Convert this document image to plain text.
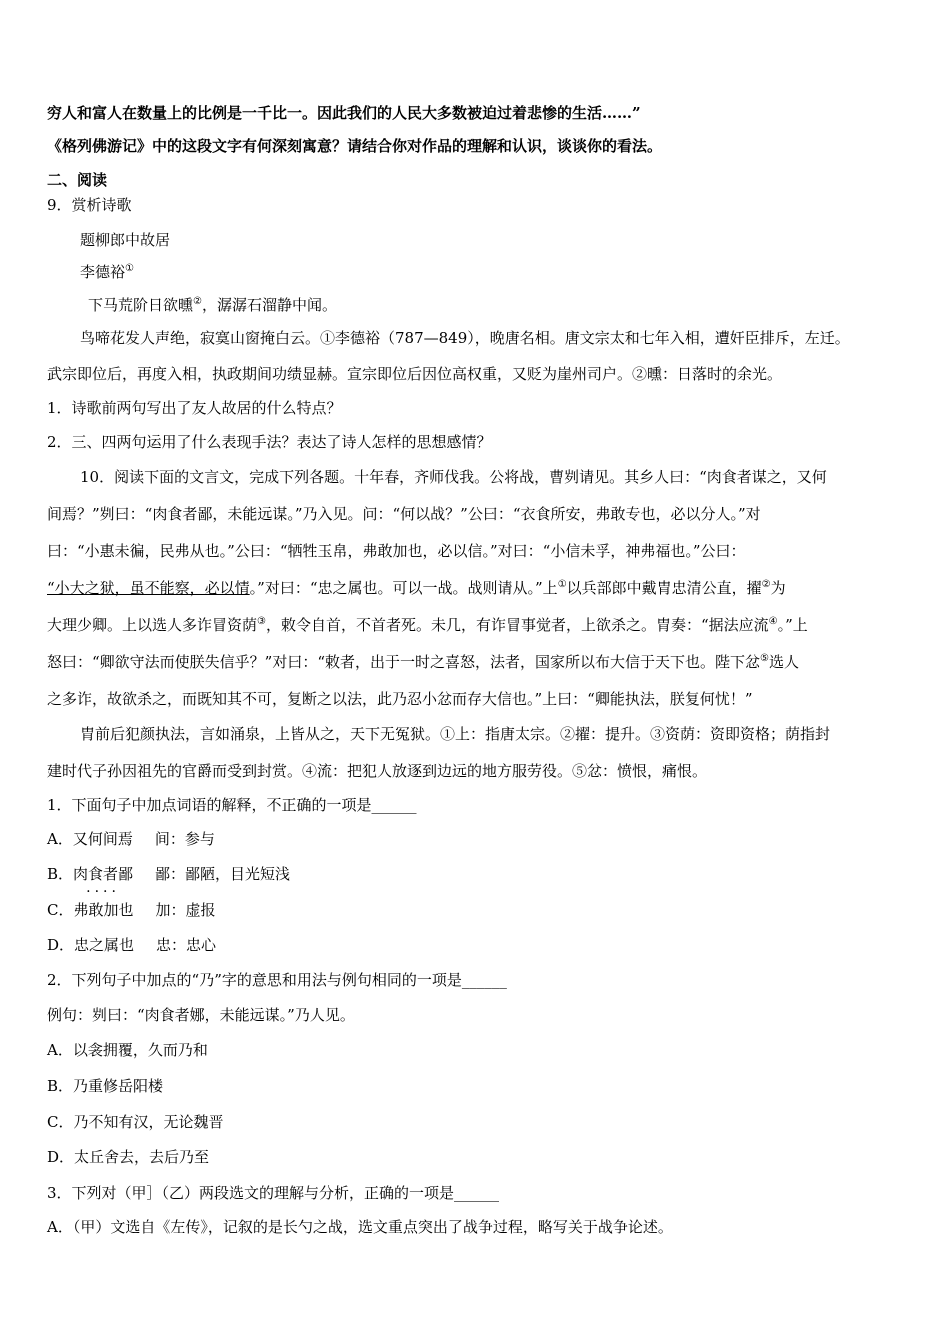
穷人和富人在数量上的比例是一千比一。因此我们的人民大多数被迫过着悲惨的生活……”
《格列佛游记》中的这段文字有何深刻寓意？请结合你对作品的理解和认识，谈谈你的看法。
二、阅读
9．赏析诗歌
题柳郎中故居
李德裕①
下马荒阶日欲曛②，潺潺石溜静中闻。
鸟啼花发人声绝，寂寞山窗掩白云。①李德裕（787—849），晚唐名相。唐文宗太和七年入相，遭奸臣排斥，左迁。
武宗即位后，再度入相，执政期间功绩显赫。宣宗即位后因位高权重，又贬为崖州司户。②曛：日落时的余光。
1．诗歌前两句写出了友人故居的什么特点？
2．三、四两句运用了什么表现手法？表达了诗人怎样的思想感情？
10．阅读下面的文言文，完成下列各题。十年春，齐师伐我。公将战，曹刿请见。其乡人曰：“肉食者谋之，又何
间焉？”刿曰：“肉食者鄙，未能远谋。”乃入见。问：“何以战？”公曰：“衣食所安，弗敢专也，必以分人。”对
曰：“小惠未徧，民弗从也。”公曰：“牺牲玉帛，弗敢加也，必以信。”对曰：“小信未孚，神弗福也。”公曰：
“小大之狱，虽不能察，必以情。”对曰：“忠之属也。可以一战。战则请从。”上①以兵部郎中戴胄忠清公直，擢②为
大理少卿。上以选人多诈冒资荫③，敕令自首，不首者死。未几，有诈冒事觉者，上欲杀之。胄奏：“据法应流④。”上
怒曰：“卿欲守法而使朕失信乎？”对曰：“敕者，出于一时之喜怒，法者，国家所以布大信于天下也。陛下忿⑤选人
之多诈，故欲杀之，而既知其不可，复断之以法，此乃忍小忿而存大信也。”上曰：“卿能执法，朕复何忧！”
胄前后犯颜执法，言如涌泉，上皆从之，天下无冤狱。①上：指唐太宗。②擢：提升。③资荫：资即资格；荫指封
建时代子孙因祖先的官爵而受到封赏。④流：把犯人放逐到边远的地方服劳役。⑤忿：愤恨，痛恨。
1．下面句子中加点词语的解释，不正确的一项是______
A．又何间焉 间：参与
B．肉食者鄙
....
鄙：鄙陋，目光短浅
C．弗敢加也 加：虚报
D．忠之属也 忠：忠心
2．下列句子中加点的“乃”字的意思和用法与例句相同的一项是______
例句：刿曰：“肉食者娜，未能远谋。”乃人见。
A．以衾拥覆，久而乃和
B．乃重修岳阳楼
C．乃不知有汉，无论魏晋
D．太丘舍去，去后乃至
3．下列对（甲］（乙）两段选文的理解与分析，正确的一项是______
A．（甲）文选自《左传》，记叙的是长勺之战，选文重点突出了战争过程，略写关于战争论述。
